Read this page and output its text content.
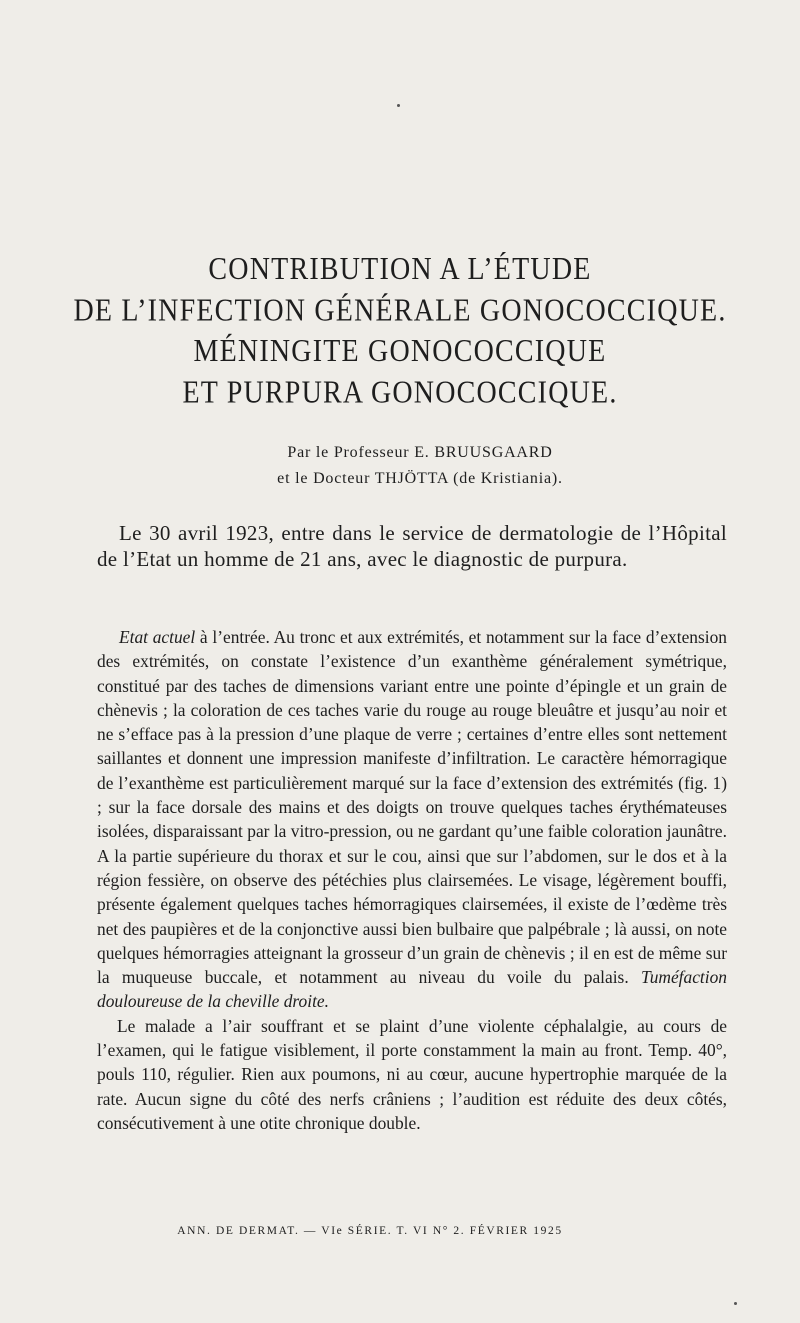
CONTRIBUTION A L’ÉTUDE
DE L’INFECTION GÉNÉRALE GONOCOCCIQUE.
MÉNINGITE GONOCOCCIQUE
ET PURPURA GONOCOCCIQUE.
Par le Professeur E. BRUUSGAARD
et le Docteur THJÖTTA (de Kristiania).

Le 30 avril 1923, entre dans le service de dermatologie de l’Hôpital de l’Etat un homme de 21 ans, avec le diagnostic de purpura.

Etat actuel à l’entrée. Au tronc et aux extrémités, et notamment sur la face d’extension des extrémités, on constate l’existence d’un exanthème généralement symétrique, constitué par des taches de dimensions variant entre une pointe d’épingle et un grain de chènevis ; la coloration de ces taches varie du rouge au rouge bleuâtre et jusqu’au noir et ne s’efface pas à la pression d’une plaque de verre ; certaines d’entre elles sont nettement saillantes et donnent une impression manifeste d’infiltration. Le caractère hémorragique de l’exanthème est particulièrement marqué sur la face d’extension des extrémités (fig. 1) ; sur la face dorsale des mains et des doigts on trouve quelques taches érythémateuses isolées, disparaissant par la vitro-pression, ou ne gardant qu’une faible coloration jaunâtre. A la partie supérieure du thorax et sur le cou, ainsi que sur l’abdomen, sur le dos et à la région fessière, on observe des pétéchies plus clairsemées. Le visage, légèrement bouffi, présente également quelques taches hémorragiques clairsemées, il existe de l’œdème très net des paupières et de la conjonctive aussi bien bulbaire que palpébrale ; là aussi, on note quelques hémorragies atteignant la grosseur d’un grain de chènevis ; il en est de même sur la muqueuse buccale, et notamment au niveau du voile du palais. Tuméfaction douloureuse de la cheville droite.

Le malade a l’air souffrant et se plaint d’une violente céphalalgie, au cours de l’examen, qui le fatigue visiblement, il porte constamment la main au front. Temp. 40°, pouls 110, régulier. Rien aux poumons, ni au cœur, aucune hypertrophie marquée de la rate. Aucun signe du côté des nerfs crâniens ; l’audition est réduite des deux côtés, consécutivement à une otite chronique double.

ANN. DE DERMAT. — VIe SÉRIE. T. VI N° 2. FÉVRIER 1925
